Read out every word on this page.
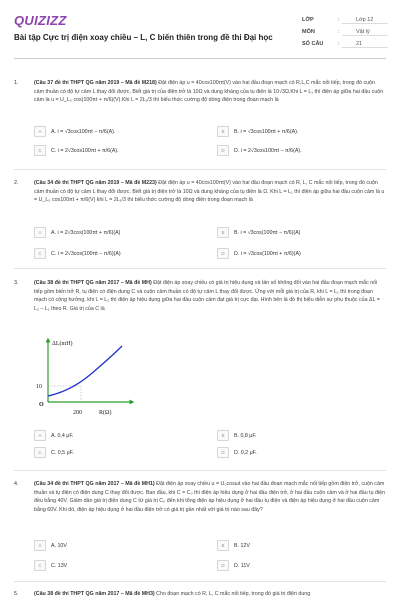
QUIZIZZ
Bài tập Cực trị điện xoay chiều – L, C biến thiên trong đề thi Đại học
LỚP	:	Lớp 12
MÔN	:	Vật lý
SỐ CÂU	:	21
1.	(Câu 37 đề thi THPT QG năm 2019 – Mã đề M218) Đặt điện áp u = 40cos100πt(V) vào hai đầu đoạn mạch có R,L,C mắc nối tiếp, trong đó cuộn cảm thuần có độ tự cảm L thay đổi được. Biết giá trị của điện trở là 10Ω và dung kháng của tụ điện là 10√3Ω.Khi L = L₁ thì điện áp giữa hai đầu cuộn cảm là u = U_L₀ cos(100πt + π/6)(V).Khi L = 2L₁/3 thì biểu thức cường độ dòng điện trong đoạn mạch là
A	A. i = √3cos100πt − π/6(A).	B	B. i = √3cos100πt + π/6(A).
C	C. i = 2√3cos100πt + π/6(A).	D	D. i = 2√3cos100πt − π/6(A).
2.	(Câu 34 đề thi THPT QG năm 2019 – Mã đề M223) Đặt điện áp u = 40cos100πt(V) vào hai đầu đoạn mạch có R, L, C mắc nối tiếp, trong đó cuộn cảm thuần có độ tự cảm L thay đổi được. Biết giá trị điện trở là 10Ω và dung kháng của tụ điện là Ω. Khi L = L₁ thì điện áp giữa hai đầu cuộn cảm là u = U_L₀ cos100πt + π/6(V) khi L = 2L₁/3 thì biểu thức cường độ dòng điện trong đoạn mạch là
A	A. i = 2√3cos(100πt + π/6)(A)	B	B. i = √3cos(100πt − π/6)(A)
C	C. i = 2√3cos(100πt − π/6)(A)	D	D. i = √3cos(100πt + π/6)(A)
3.	(Câu 38 đề thi THPT QG năm 2017 – Mã đề MH) Đặt điện áp xoay chiều có giá trị hiệu dụng và tần số không đổi vào hai đầu đoạn mạch mắc nối tiếp gồm biến trở R, tụ điện có điện dung C và cuộn cảm thuần có độ tự cảm L thay đổi được. Ứng với mỗi giá trị của R, khi L = L₁ thì trong đoạn mạch có cộng hưởng, khi L = L₂ thì điện áp hiệu dụng giữa hai đầu cuộn cảm đạt giá trị cực đại. Hình bên là đồ thị biểu diễn sự phụ thuộc của ΔL = L₂ – L₁ theo R. Giá trị của C là
ΔL(mH)
R(Ω)
10
200
O
A	A. 0,4 μF.	B	B. 0,8 μF.
C	C. 0,5 μF.	D	D. 0,2 μF.
4.	(Câu 34 đề thi THPT QG năm 2017 – Mã đề MH1) Đặt điện áp xoay chiều u = U₀cosωt vào hai đầu đoạn mạch mắc nối tiếp gồm điện trở, cuộn cảm thuần và tụ điện có điện dung C thay đổi được. Ban đầu, khi C = C₀ thì điện áp hiệu dụng ở hai đầu điện trở, ở hai đầu cuộn cảm và ở hai đầu tụ điện đều bằng 40V. Giảm dần giá trị điện dung C từ giá trị C₀ đến khi tổng điện áp hiệu dụng ở hai đầu tụ điện và điện áp hiệu dụng ở hai đầu cuộn cảm bằng 60V. Khi đó, điện áp hiệu dụng ở hai đầu điện trở có giá trị gần nhất với giá trị nào sau đây?
A	A. 10V	B	B. 12V
C	C. 13V	D	D. 11V
5.	(Câu 38 đề thi THPT QG năm 2017 – Mã đề MH3) Cho đoạn mạch có R, L, C mắc nối tiếp, trong đó giá trị điện dung
